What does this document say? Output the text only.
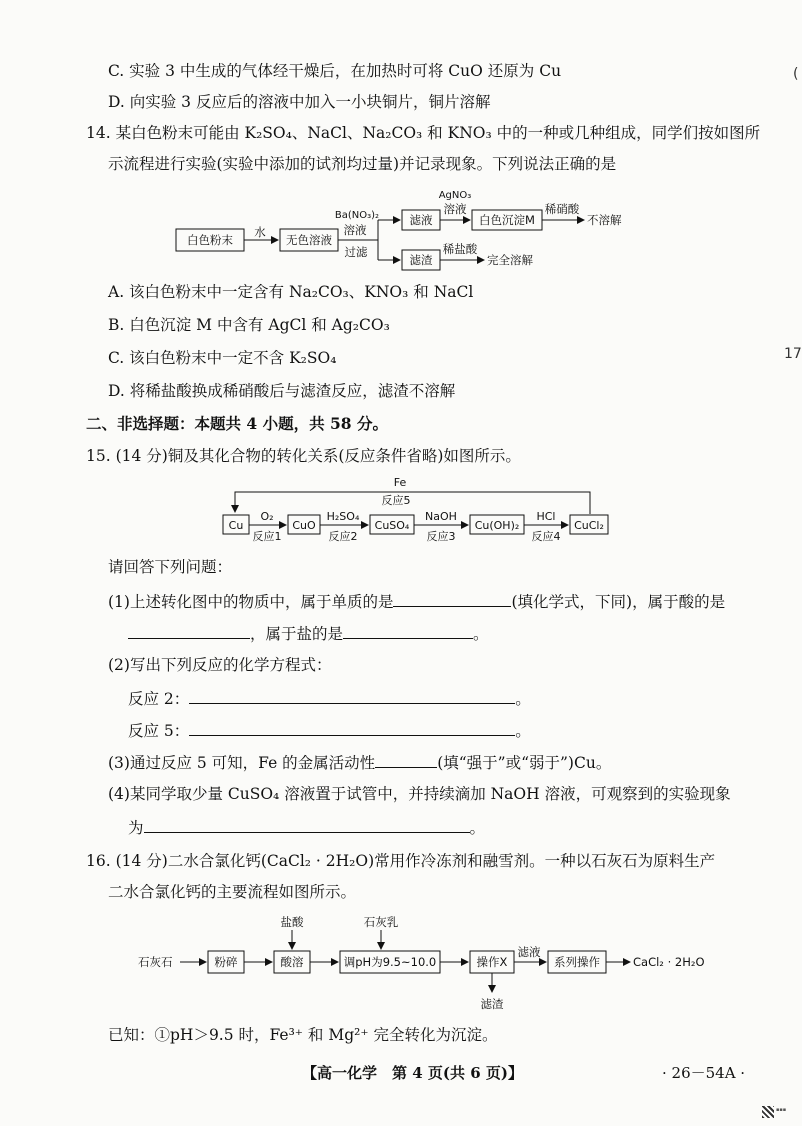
C. 实验 3 中生成的气体经干燥后，在加热时可将 CuO 还原为 Cu
D. 向实验 3 反应后的溶液中加入一小块铜片，铜片溶解
14. 某白色粉末可能由 K₂SO₄、NaCl、Na₂CO₃ 和 KNO₃ 中的一种或几种组成，同学们按如图所
示流程进行实验(实验中添加的试剂均过量)并记录现象。下列说法正确的是
白色粉末
水
无色溶液
Ba(NO₃)₂
溶液
过滤
滤液
AgNO₃
溶液
白色沉淀M
稀硝酸
不溶解
滤渣
稀盐酸
完全溶解
A. 该白色粉末中一定含有 Na₂CO₃、KNO₃ 和 NaCl
B. 白色沉淀 M 中含有 AgCl 和 Ag₂CO₃
C. 该白色粉末中一定不含 K₂SO₄
D. 将稀盐酸换成稀硝酸后与滤渣反应，滤渣不溶解
二、非选择题：本题共 4 小题，共 58 分。
15. (14 分)铜及其化合物的转化关系(反应条件省略)如图所示。
Fe
反应5
Cu
O₂
反应1
CuO
H₂SO₄
反应2
CuSO₄
NaOH
反应3
Cu(OH)₂
HCl
反应4
CuCl₂
请回答下列问题：
(1)上述转化图中的物质中，属于单质的是	(填化学式，下同)，属于酸的是
，属于盐的是	。
(2)写出下列反应的化学方程式：
反应 2：	。
反应 5：	。
(3)通过反应 5 可知，Fe 的金属活动性	(填“强于”或“弱于”)Cu。
(4)某同学取少量 CuSO₄ 溶液置于试管中，并持续滴加 NaOH 溶液，可观察到的实验现象
为	。
16. (14 分)二水合氯化钙(CaCl₂ · 2H₂O)常用作冷冻剂和融雪剂。一种以石灰石为原料生产
二水合氯化钙的主要流程如图所示。
石灰石	粉碎
盐酸
酸溶
石灰乳
调pH为9.5~10.0	操作X
滤液
滤渣
系列操作	CaCl₂ · 2H₂O
已知：①pH＞9.5 时，Fe³⁺ 和 Mg²⁺ 完全转化为沉淀。
【高一化学　第 4 页(共 6 页)】	· 26－54A ·
(
17
▪▪▪
